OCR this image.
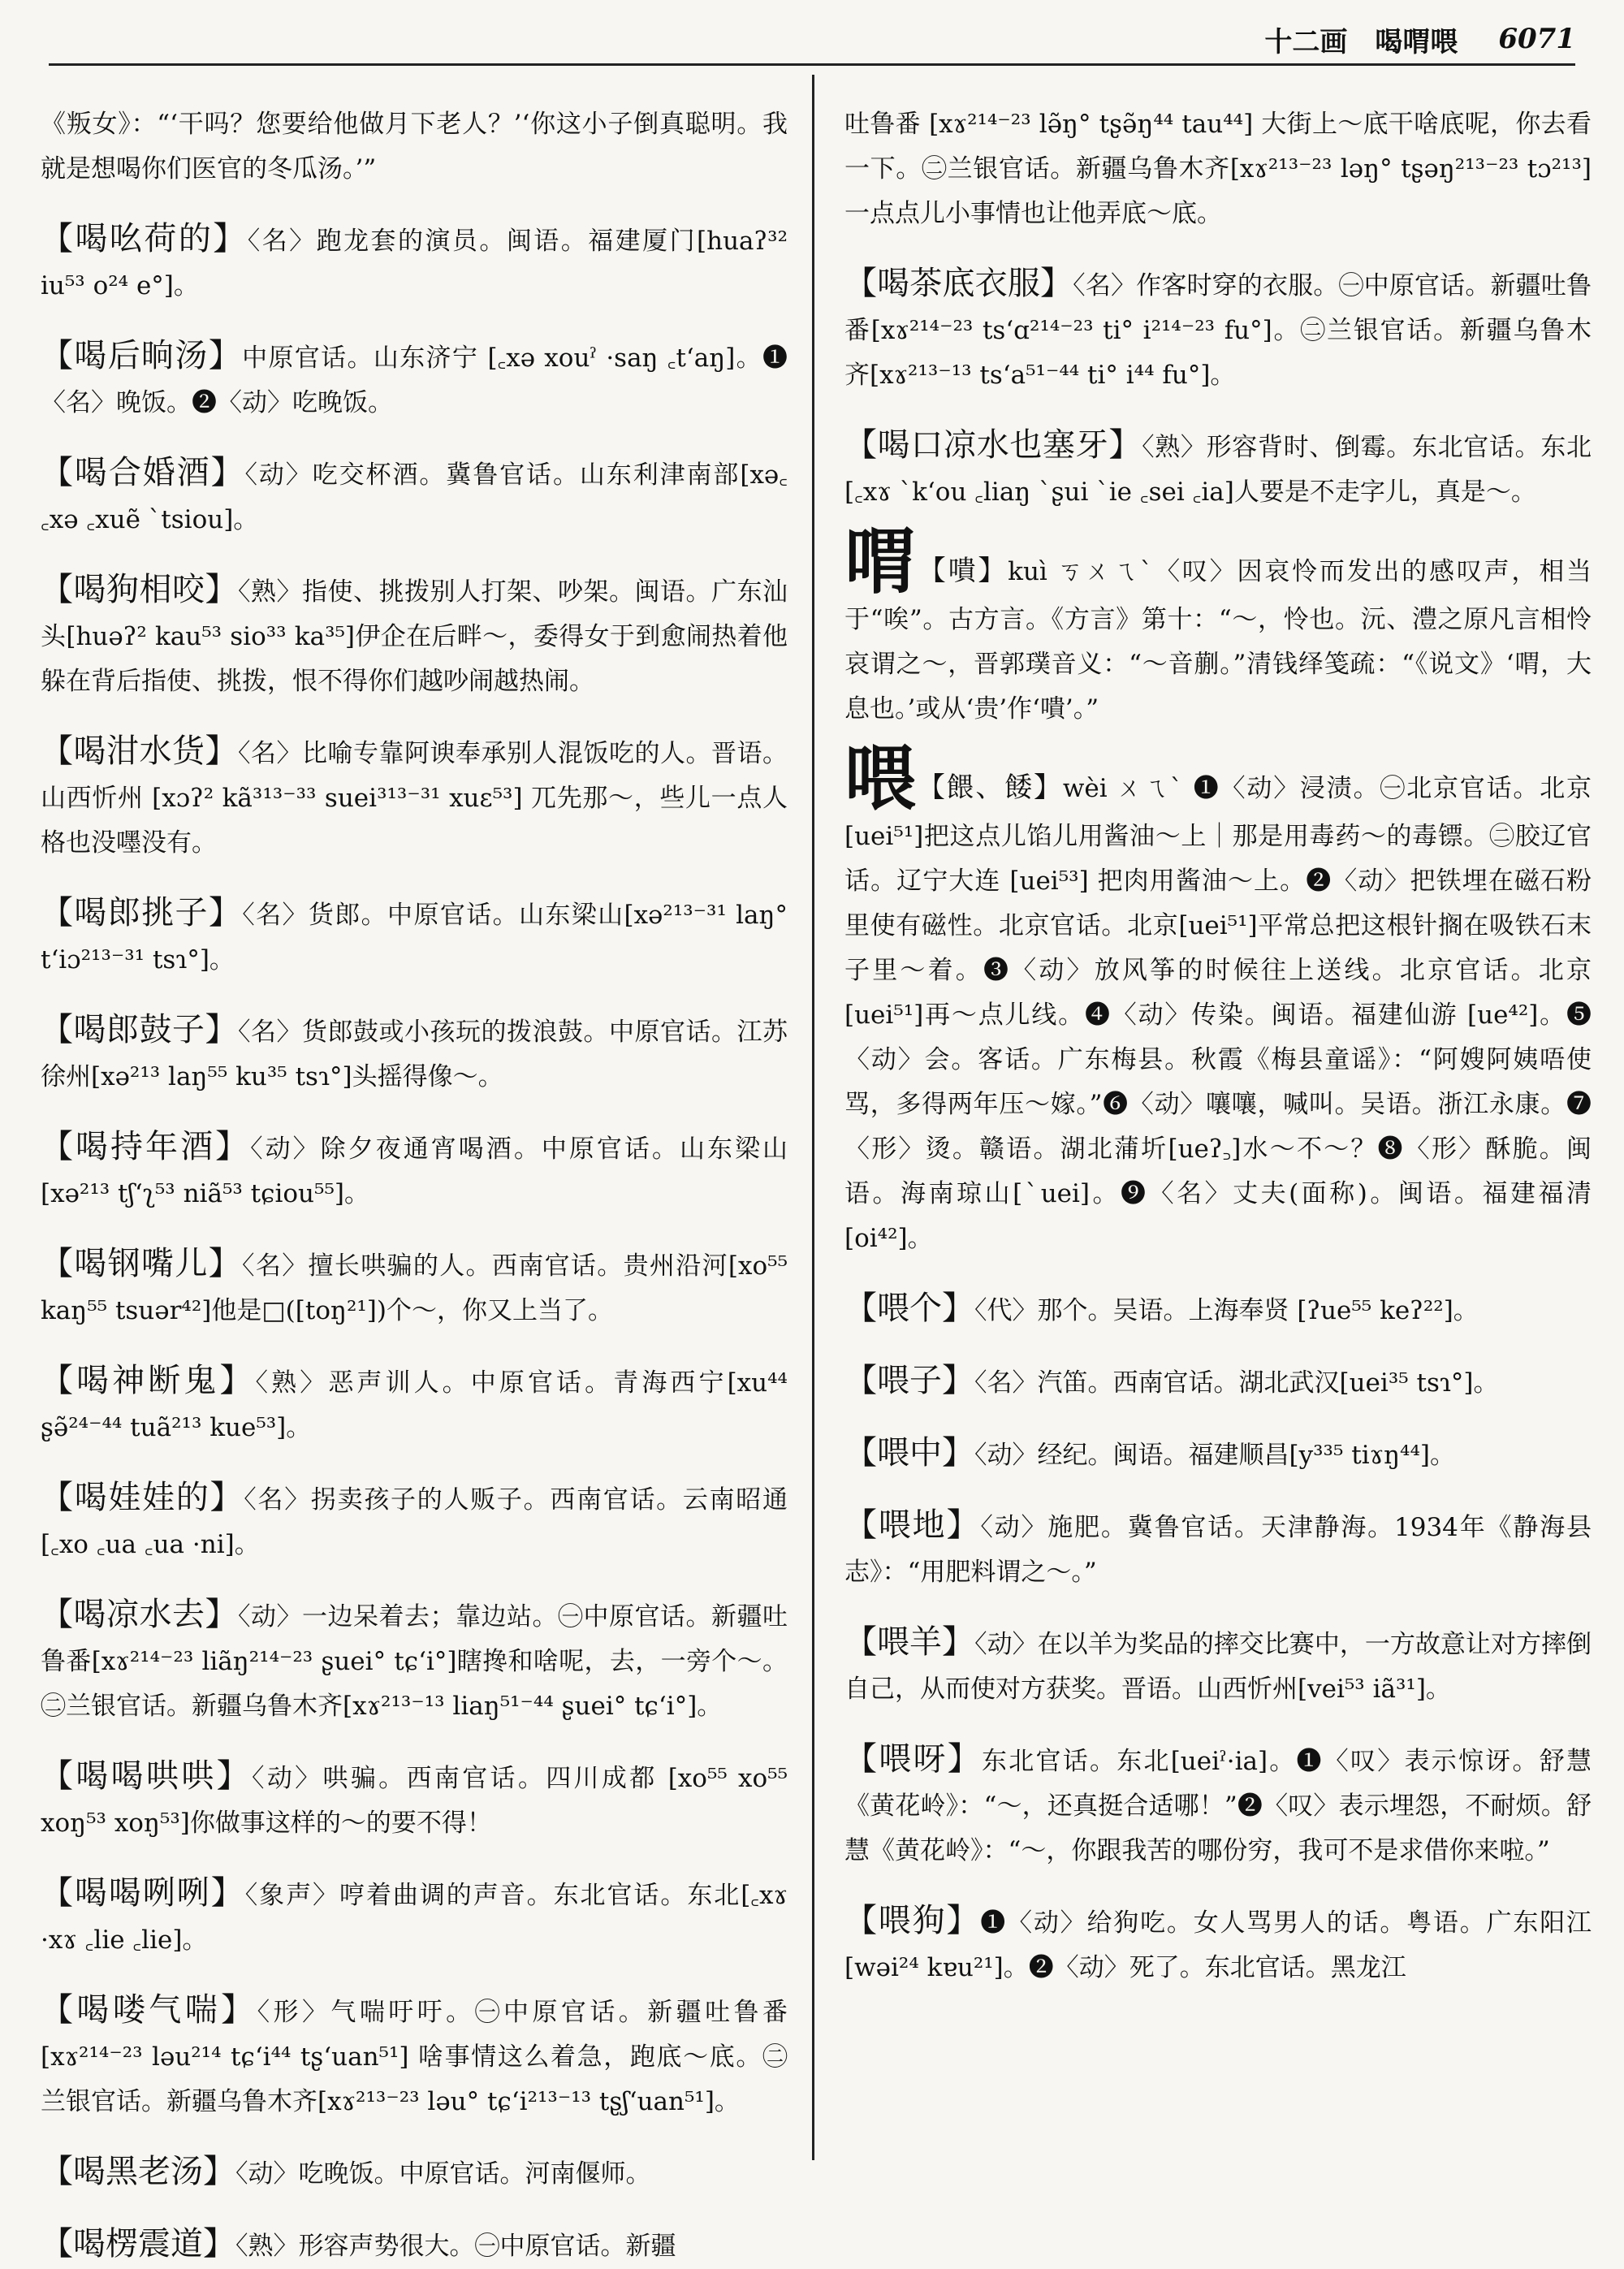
十二画　喝喟喂 6071

《叛女》：“‘干吗？您要给他做月下老人？’‘你这小子倒真聪明。我就是想喝你们医官的冬瓜汤。’”

【喝吆荷的】〈名〉跑龙套的演员。闽语。福建厦门[huaʔ³² iu⁵³ o²⁴ e°]。

【喝后晌汤】中原官话。山东济宁 [꜀xə xouˀ ·saŋ ꜀t‘aŋ]。❶〈名〉晚饭。❷〈动〉吃晚饭。

【喝合婚酒】〈动〉吃交杯酒。冀鲁官话。山东利津南部[xə꜀ ꜀xə ꜀xuẽ ˋtsiou]。

【喝狗相咬】〈熟〉指使、挑拨别人打架、吵架。闽语。广东汕头[huəʔ² kau⁵³ sio³³ ka³⁵]伊企在后畔～，委得女于到愈闹热着他躲在背后指使、挑拨，恨不得你们越吵闹越热闹。

【喝泔水货】〈名〉比喻专靠阿谀奉承别人混饭吃的人。晋语。山西忻州 [xɔʔ² kã³¹³⁻³³ suei³¹³⁻³¹ xuɛ⁵³] 兀先那～，些儿一点人格也没嚜没有。

【喝郎挑子】〈名〉货郎。中原官话。山东梁山[xə²¹³⁻³¹ laŋ° t‘iɔ²¹³⁻³¹ tsɿ°]。

【喝郎鼓子】〈名〉货郎鼓或小孩玩的拨浪鼓。中原官话。江苏徐州[xə²¹³ laŋ⁵⁵ ku³⁵ tsɿ°]头摇得像～。

【喝持年酒】〈动〉除夕夜通宵喝酒。中原官话。山东梁山[xə²¹³ tʃ‘ʅ⁵³ niã⁵³ tɕiou⁵⁵]。

【喝钢嘴儿】〈名〉擅长哄骗的人。西南官话。贵州沿河[xo⁵⁵ kaŋ⁵⁵ tsuər⁴²]他是□([toŋ²¹])个～，你又上当了。

【喝神断鬼】〈熟〉恶声训人。中原官话。青海西宁[xu⁴⁴ ʂə̃²⁴⁻⁴⁴ tuã²¹³ kue⁵³]。

【喝娃娃的】〈名〉拐卖孩子的人贩子。西南官话。云南昭通[꜀xo ꜀ua ꜀ua ·ni]。

【喝凉水去】〈动〉一边呆着去；靠边站。㊀中原官话。新疆吐鲁番[xɤ²¹⁴⁻²³ liãŋ²¹⁴⁻²³ ʂuei° tɕ‘i°]瞎搀和啥呢，去，一旁个～。㊁兰银官话。新疆乌鲁木齐[xɤ²¹³⁻¹³ liaŋ⁵¹⁻⁴⁴ ʂuei° tɕ‘i°]。

【喝喝哄哄】〈动〉哄骗。西南官话。四川成都 [xo⁵⁵ xo⁵⁵ xoŋ⁵³ xoŋ⁵³]你做事这样的～的要不得！

【喝喝咧咧】〈象声〉哼着曲调的声音。东北官话。东北[꜀xɤ ·xɤ ꜀lie ꜀lie]。

【喝喽气喘】〈形〉气喘吁吁。㊀中原官话。新疆吐鲁番 [xɤ²¹⁴⁻²³ ləu²¹⁴ tɕ‘i⁴⁴ tʂ‘uan⁵¹] 啥事情这么着急，跑底～底。㊁兰银官话。新疆乌鲁木齐[xɤ²¹³⁻²³ ləu° tɕ‘i²¹³⁻¹³ tʂʃ‘uan⁵¹]。

【喝黑老汤】〈动〉吃晚饭。中原官话。河南偃师。

【喝楞震道】〈熟〉形容声势很大。㊀中原官话。新疆

吐鲁番 [xɤ²¹⁴⁻²³ lə̃ŋ° tʂə̃ŋ⁴⁴ tau⁴⁴] 大街上～底干啥底呢，你去看一下。㊁兰银官话。新疆乌鲁木齐[xɤ²¹³⁻²³ ləŋ° tʂəŋ²¹³⁻²³ tɔ²¹³] 一点点儿小事情也让他弄底～底。

【喝茶底衣服】〈名〉作客时穿的衣服。㊀中原官话。新疆吐鲁番[xɤ²¹⁴⁻²³ ts‘ɑ²¹⁴⁻²³ ti° i²¹⁴⁻²³ fu°]。㊁兰银官话。新疆乌鲁木齐[xɤ²¹³⁻¹³ ts‘a⁵¹⁻⁴⁴ ti° i⁴⁴ fu°]。

【喝口凉水也塞牙】〈熟〉形容背时、倒霉。东北官话。东北[꜀xɤ ˋk‘ou ꜀liaŋ ˋʂui ˋie ꜀sei ꜀ia]人要是不走字儿，真是～。

喟【嘳】kuì ㄎㄨㄟˋ〈叹〉因哀怜而发出的感叹声，相当于“唉”。古方言。《方言》第十：“～，怜也。沅、澧之原凡言相怜哀谓之～，晋郭璞音义：“～音蒯。”清钱绎笺疏：“《说文》‘喟，大息也。’或从‘贵’作‘嘳’。”

喂【餵、餧】wèi ㄨㄟˋ ❶〈动〉浸渍。㊀北京官话。北京[uei⁵¹]把这点儿馅儿用酱油～上｜那是用毒药～的毒镖。㊁胶辽官话。辽宁大连 [uei⁵³] 把肉用酱油～上。❷〈动〉把铁埋在磁石粉里使有磁性。北京官话。北京[uei⁵¹]平常总把这根针搁在吸铁石末子里～着。❸〈动〉放风筝的时候往上送线。北京官话。北京[uei⁵¹]再～点儿线。❹〈动〉传染。闽语。福建仙游 [ue⁴²]。❺〈动〉会。客话。广东梅县。秋霞《梅县童谣》：“阿嫂阿姨唔使骂，多得两年压～嫁。”❻〈动〉嚷嚷，喊叫。吴语。浙江永康。❼〈形〉烫。赣语。湖北蒲圻[ueʔ꜆]水～不～？❽〈形〉酥脆。闽语。海南琼山[ˋuei]。❾〈名〉丈夫(面称)。闽语。福建福清[oi⁴²]。

【喂个】〈代〉那个。吴语。上海奉贤 [ʔue⁵⁵ keʔ²²]。

【喂子】〈名〉汽笛。西南官话。湖北武汉[uei³⁵ tsɿ°]。

【喂中】〈动〉经纪。闽语。福建顺昌[y³³⁵ tiɤŋ⁴⁴]。

【喂地】〈动〉施肥。冀鲁官话。天津静海。1934年《静海县志》：“用肥料谓之～。”

【喂羊】〈动〉在以羊为奖品的摔交比赛中，一方故意让对方摔倒自己，从而使对方获奖。晋语。山西忻州[vei⁵³ iã³¹]。

【喂呀】东北官话。东北[ueiˀ·ia]。❶〈叹〉表示惊讶。舒慧《黄花岭》：“～，还真挺合适哪！”❷〈叹〉表示埋怨，不耐烦。舒慧《黄花岭》：“～，你跟我苦的哪份穷，我可不是求借你来啦。”

【喂狗】❶〈动〉给狗吃。女人骂男人的话。粤语。广东阳江[wəi²⁴ kɐu²¹]。❷〈动〉死了。东北官话。黑龙江
